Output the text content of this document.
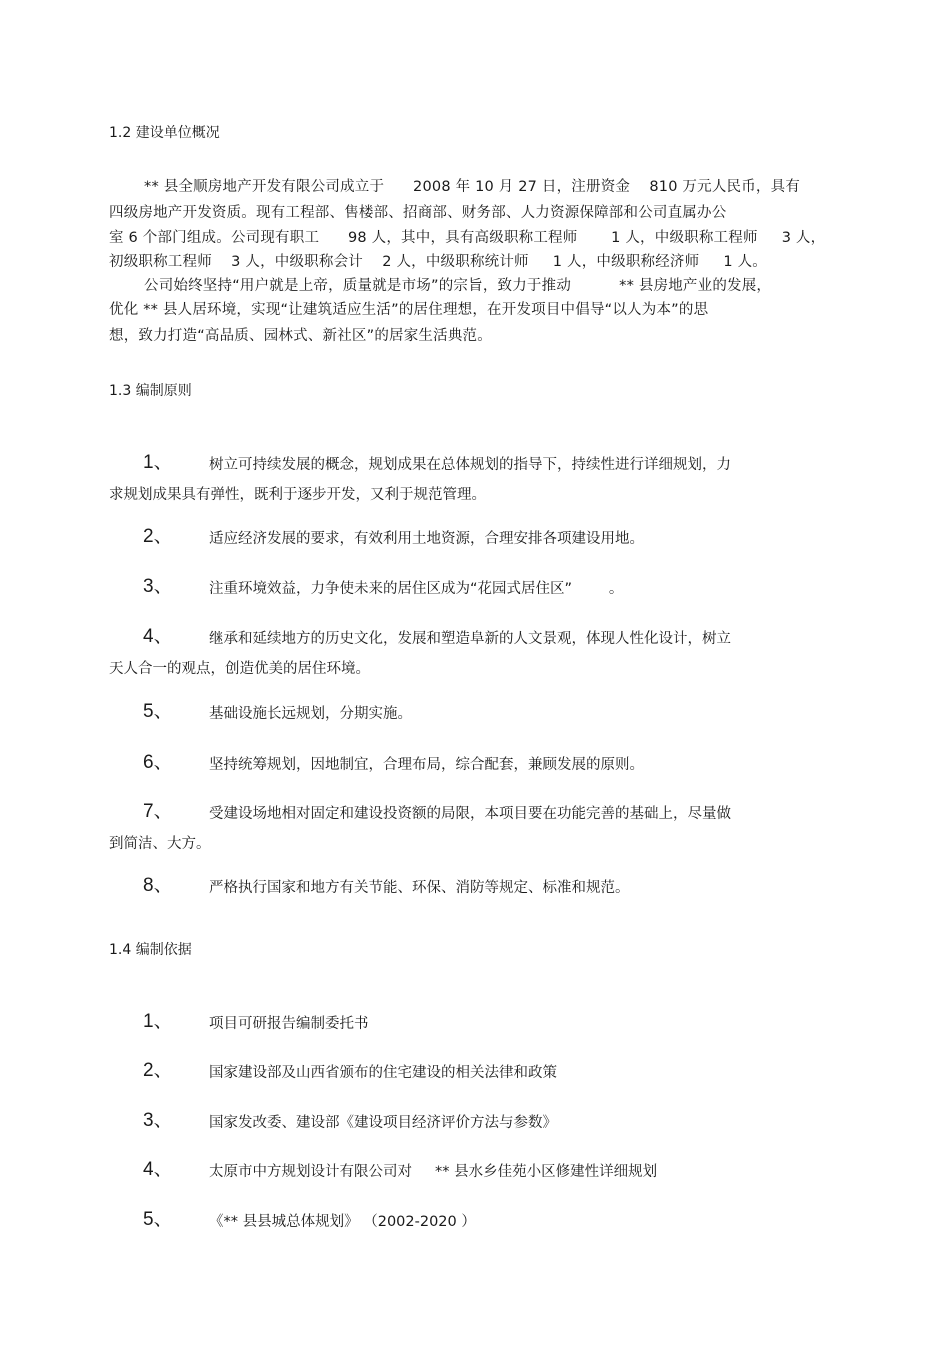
1.2 建设单位概况
** 县全顺房地产开发有限公司成立于      2008 年 10 月 27 日，注册资金    810 万元人民币，具有
四级房地产开发资质。现有工程部、售楼部、招商部、财务部、人力资源保障部和公司直属办公
室 6 个部门组成。公司现有职工      98 人，其中，具有高级职称工程师       1 人，中级职称工程师     3 人，
初级职称工程师    3 人，中级职称会计    2 人，中级职称统计师     1 人，中级职称经济师     1 人。
公司始终坚持“用户就是上帝，质量就是市场”的宗旨，致力于推动          ** 县房地产业的发展，
优化 ** 县人居环境，实现“让建筑适应生活”的居住理想，在开发项目中倡导“以人为本”的思
想，致力打造“高品质、园林式、新社区”的居家生活典范。
1.3 编制原则
1、	树立可持续发展的概念，规划成果在总体规划的指导下，持续性进行详细规划，力
求规划成果具有弹性，既利于逐步开发，又利于规范管理。
2、	适应经济发展的要求，有效利用土地资源，合理安排各项建设用地。
3、	注重环境效益，力争使未来的居住区成为“花园式居住区”        。
4、	继承和延续地方的历史文化，发展和塑造阜新的人文景观，体现人性化设计，树立
天人合一的观点，创造优美的居住环境。
5、	基础设施长远规划，分期实施。
6、	坚持统筹规划，因地制宜，合理布局，综合配套，兼顾发展的原则。
7、	受建设场地相对固定和建设投资额的局限，本项目要在功能完善的基础上，尽量做
到简洁、大方。
8、	严格执行国家和地方有关节能、环保、消防等规定、标准和规范。
1.4 编制依据
1、	项目可研报告编制委托书
2、	国家建设部及山西省颁布的住宅建设的相关法律和政策
3、	国家发改委、建设部《建设项目经济评价方法与参数》
4、	太原市中方规划设计有限公司对     ** 县水乡佳苑小区修建性详细规划
5、	《** 县县城总体规划》 （2002-2020 ）
